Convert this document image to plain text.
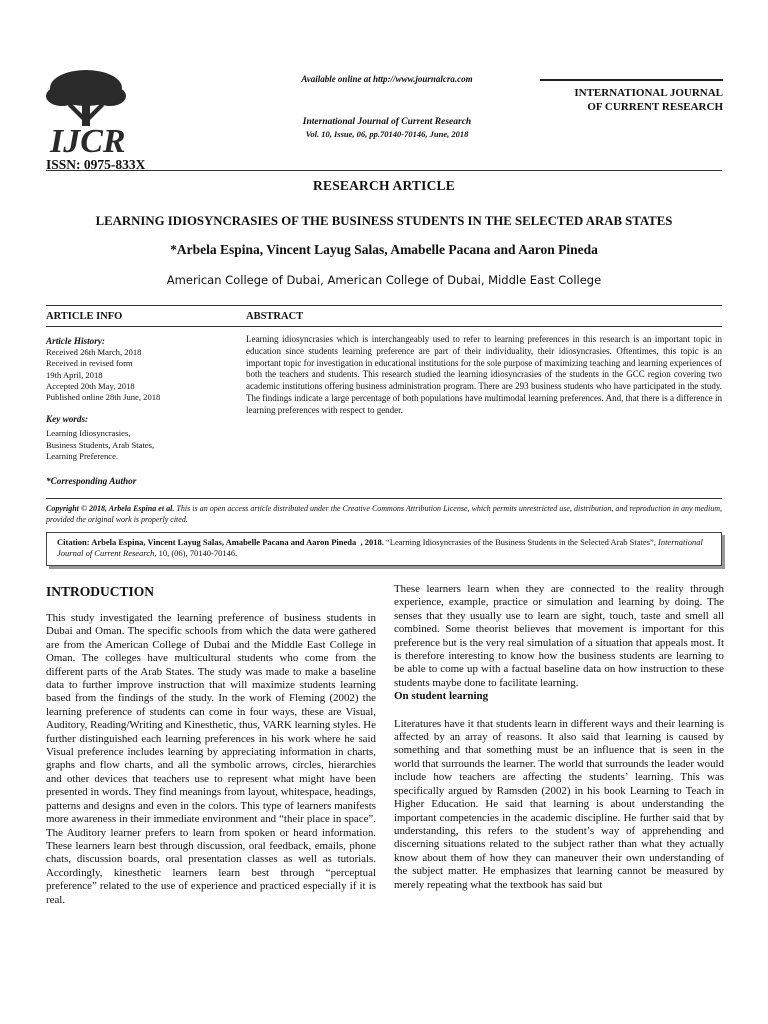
IJCR
ISSN: 0975-833X
Available online at http://www.journalcra.com
International Journal of Current Research
Vol. 10, Issue, 06, pp.70140-70146, June, 2018
INTERNATIONAL JOURNAL
OF CURRENT RESEARCH
RESEARCH ARTICLE
LEARNING IDIOSYNCRASIES OF THE BUSINESS STUDENTS IN THE SELECTED ARAB STATES
*Arbela Espina, Vincent Layug Salas, Amabelle Pacana and Aaron Pineda
American College of Dubai, American College of Dubai, Middle East College
ARTICLE INFO	ABSTRACT

Article History:

Received 26th March, 2018

Received in revised form

19th April, 2018

Accepted 20th May, 2018

Published online 28th June, 2018

Key words:

Learning Idiosyncrasies,

Business Students, Arab States,

Learning Preference.

*Corresponding Author

Learning idiosyncrasies which is interchangeably used to refer to learning preferences in this research is an important topic in education since students learning preference are part of their individuality, their idiosyncrasies. Oftentimes, this topic is an important topic for investigation in educational institutions for the sole purpose of maximizing teaching and learning experiences of both the teachers and students. This research studied the learning idiosyncrasies of the students in the GCC region covering two academic institutions offering business administration program. There are 293 business students who have participated in the study. The findings indicate a large percentage of both populations have multimodal learning preferences. And, that there is a difference in learning preferences with respect to gender.
Copyright © 2018, Arbela Espina et al. This is an open access article distributed under the Creative Commons Attribution License, which permits unrestricted use, distribution, and reproduction in any medium, provided the original work is properly cited.
Citation: Arbela Espina, Vincent Layug Salas, Amabelle Pacana and Aaron Pineda , 2018. “Learning Idiosyncrasies of the Business Students in the Selected Arab States”, International Journal of Current Research, 10, (06), 70140-70146.
INTRODUCTION

This study investigated the learning preference of business students in Dubai and Oman. The specific schools from which the data were gathered are from the American College of Dubai and the Middle East College in Oman. The colleges have multicultural students who come from the different parts of the Arab States. The study was made to make a baseline data to further improve instruction that will maximize students learning based from the findings of the study. In the work of Fleming (2002) the learning preference of students can come in four ways, these are Visual, Auditory, Reading/Writing and Kinesthetic, thus, VARK learning styles. He further distinguished each learning preferences in his work where he said Visual preference includes learning by appreciating information in charts, graphs and flow charts, and all the symbolic arrows, circles, hierarchies and other devices that teachers use to represent what might have been presented in words. They find meanings from layout, whitespace, headings, patterns and designs and even in the colors. This type of learners manifests more awareness in their immediate environment and “their place in space”. The Auditory learner prefers to learn from spoken or heard information. These learners learn best through discussion, oral feedback, emails, phone chats, discussion boards, oral presentation classes as well as tutorials. Accordingly, kinesthetic learners learn best through “perceptual preference” related to the use of experience and practiced especially if it is real.

These learners learn when they are connected to the reality through experience, example, practice or simulation and learning by doing. The senses that they usually use to learn are sight, touch, taste and smell all combined. Some theorist believes that movement is important for this preference but is the very real simulation of a situation that appeals most. It is therefore interesting to know how the business students are learning to be able to come up with a factual baseline data on how instruction to these students maybe done to facilitate learning.

On student learning

Literatures have it that students learn in different ways and their learning is affected by an array of reasons. It also said that learning is caused by something and that something must be an influence that is seen in the world that surrounds the learner. The world that surrounds the leader would include how teachers are affecting the students’ learning. This was specifically argued by Ramsden (2002) in his book Learning to Teach in Higher Education. He said that learning is about understanding the important competencies in the academic discipline. He further said that by understanding, this refers to the student’s way of apprehending and discerning situations related to the subject rather than what they actually know about them of how they can maneuver their own understanding of the subject matter. He emphasizes that learning cannot be measured by merely repeating what the textbook has said but
